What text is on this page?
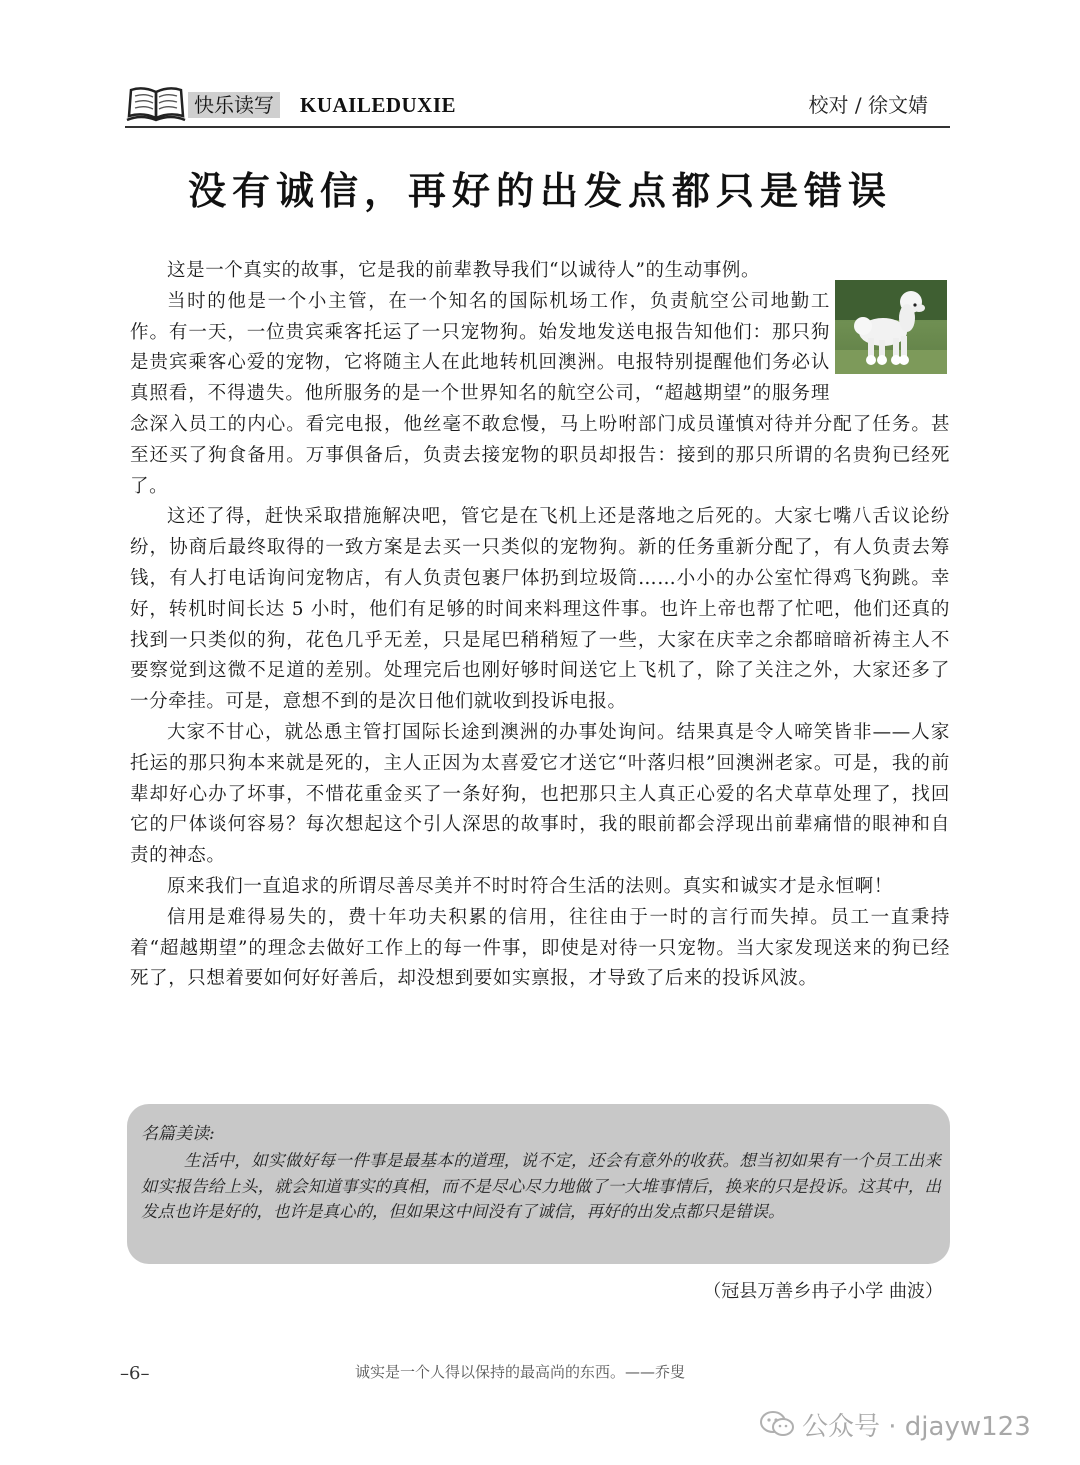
快乐读写 KUAILEDUXIE	校对 / 徐文婧
没有诚信，再好的出发点都只是错误

这是一个真实的故事，它是我的前辈教导我们“以诚待人”的生动事例。

当时的他是一个小主管，在一个知名的国际机场工作，负责航空公司地勤工作。有一天，一位贵宾乘客托运了一只宠物狗。始发地发送电报告知他们：那只狗是贵宾乘客心爱的宠物，它将随主人在此地转机回澳洲。电报特别提醒他们务必认真照看，不得遗失。他所服务的是一个世界知名的航空公司，“超越期望”的服务理念深入员工的内心。看完电报，他丝毫不敢怠慢，马上吩咐部门成员谨慎对待并分配了任务。甚至还买了狗食备用。万事俱备后，负责去接宠物的职员却报告：接到的那只所谓的名贵狗已经死了。

这还了得，赶快采取措施解决吧，管它是在飞机上还是落地之后死的。大家七嘴八舌议论纷纷，协商后最终取得的一致方案是去买一只类似的宠物狗。新的任务重新分配了，有人负责去筹钱，有人打电话询问宠物店，有人负责包裹尸体扔到垃圾筒……小小的办公室忙得鸡飞狗跳。幸好，转机时间长达 5 小时，他们有足够的时间来料理这件事。也许上帝也帮了忙吧，他们还真的找到一只类似的狗，花色几乎无差，只是尾巴稍稍短了一些，大家在庆幸之余都暗暗祈祷主人不要察觉到这微不足道的差别。处理完后也刚好够时间送它上飞机了，除了关注之外，大家还多了一分牵挂。可是，意想不到的是次日他们就收到投诉电报。

大家不甘心，就怂恿主管打国际长途到澳洲的办事处询问。结果真是令人啼笑皆非——人家托运的那只狗本来就是死的，主人正因为太喜爱它才送它“叶落归根”回澳洲老家。可是，我的前辈却好心办了坏事，不惜花重金买了一条好狗，也把那只主人真正心爱的名犬草草处理了，找回它的尸体谈何容易？每次想起这个引人深思的故事时，我的眼前都会浮现出前辈痛惜的眼神和自责的神态。

原来我们一直追求的所谓尽善尽美并不时时符合生活的法则。真实和诚实才是永恒啊！

信用是难得易失的，费十年功夫积累的信用，往往由于一时的言行而失掉。员工一直秉持着“超越期望”的理念去做好工作上的每一件事，即使是对待一只宠物。当大家发现送来的狗已经死了，只想着要如何好好善后，却没想到要如实禀报，才导致了后来的投诉风波。

名篇美读:

生活中，如实做好每一件事是最基本的道理，说不定，还会有意外的收获。想当初如果有一个员工出来如实报告给上头，就会知道事实的真相，而不是尽心尽力地做了一大堆事情后，换来的只是投诉。这其中，出发点也许是好的，也许是真心的，但如果这中间没有了诚信，再好的出发点都只是错误。

（冠县万善乡冉子小学 曲波）
–6–	诚实是一个人得以保持的最高尚的东西。——乔叟
公众号 · djayw123
